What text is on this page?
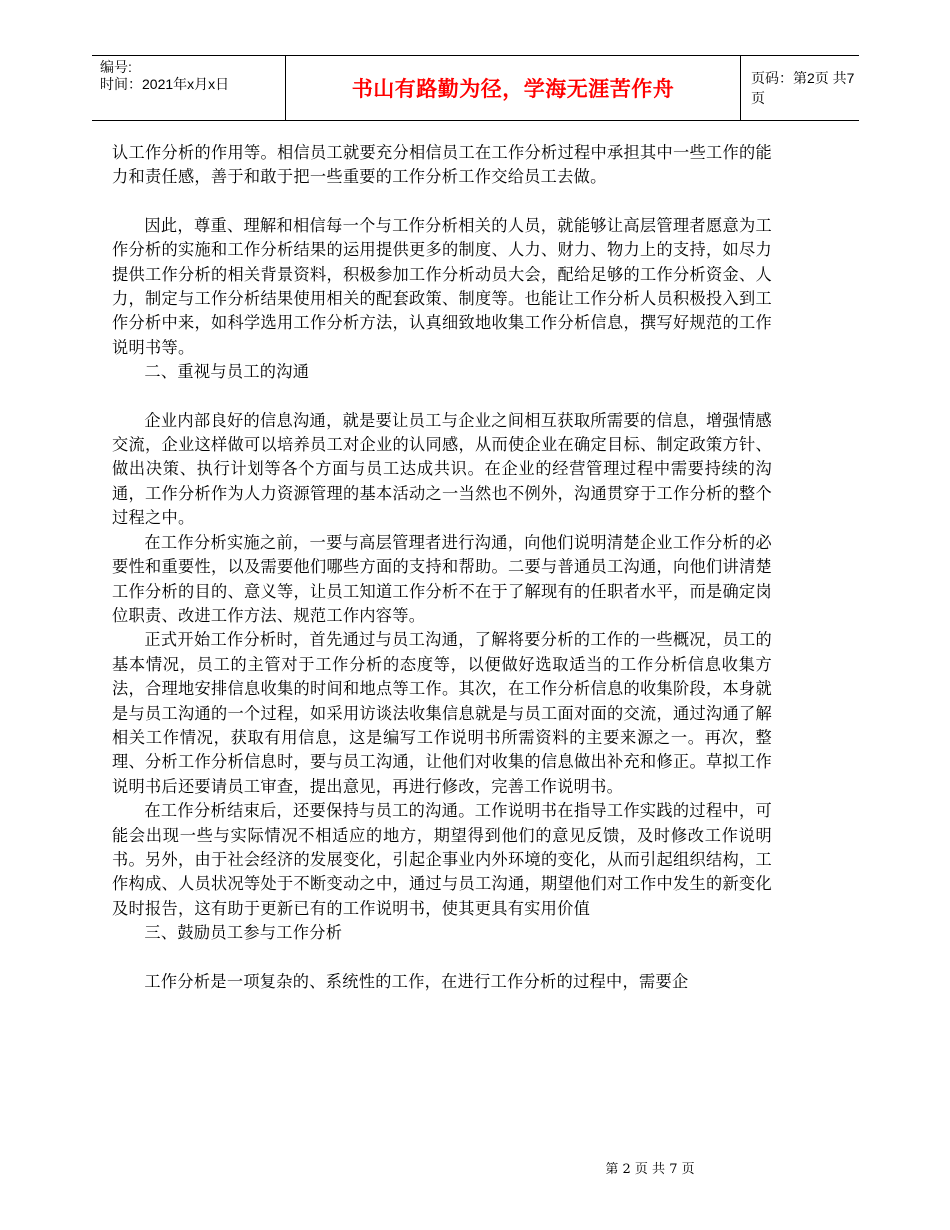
编号:
时间：2021年x月x日	书山有路勤为径，学海无涯苦作舟	页码：第2页 共7页

认工作分析的作用等。相信员工就要充分相信员工在工作分析过程中承担其中一些工作的能力和责任感，善于和敢于把一些重要的工作分析工作交给员工去做。

因此，尊重、理解和相信每一个与工作分析相关的人员，就能够让高层管理者愿意为工作分析的实施和工作分析结果的运用提供更多的制度、人力、财力、物力上的支持，如尽力提供工作分析的相关背景资料，积极参加工作分析动员大会，配给足够的工作分析资金、人力，制定与工作分析结果使用相关的配套政策、制度等。也能让工作分析人员积极投入到工作分析中来，如科学选用工作分析方法，认真细致地收集工作分析信息，撰写好规范的工作说明书等。

二、重视与员工的沟通

企业内部良好的信息沟通，就是要让员工与企业之间相互获取所需要的信息，增强情感交流，企业这样做可以培养员工对企业的认同感，从而使企业在确定目标、制定政策方针、做出决策、执行计划等各个方面与员工达成共识。在企业的经营管理过程中需要持续的沟通，工作分析作为人力资源管理的基本活动之一当然也不例外，沟通贯穿于工作分析的整个过程之中。

在工作分析实施之前，一要与高层管理者进行沟通，向他们说明清楚企业工作分析的必要性和重要性，以及需要他们哪些方面的支持和帮助。二要与普通员工沟通，向他们讲清楚工作分析的目的、意义等，让员工知道工作分析不在于了解现有的任职者水平，而是确定岗位职责、改进工作方法、规范工作内容等。

正式开始工作分析时，首先通过与员工沟通，了解将要分析的工作的一些概况，员工的基本情况，员工的主管对于工作分析的态度等，以便做好选取适当的工作分析信息收集方法，合理地安排信息收集的时间和地点等工作。其次，在工作分析信息的收集阶段，本身就是与员工沟通的一个过程，如采用访谈法收集信息就是与员工面对面的交流，通过沟通了解相关工作情况，获取有用信息，这是编写工作说明书所需资料的主要来源之一。再次，整理、分析工作分析信息时，要与员工沟通，让他们对收集的信息做出补充和修正。草拟工作说明书后还要请员工审查，提出意见，再进行修改，完善工作说明书。

在工作分析结束后，还要保持与员工的沟通。工作说明书在指导工作实践的过程中，可能会出现一些与实际情况不相适应的地方，期望得到他们的意见反馈，及时修改工作说明书。另外，由于社会经济的发展变化，引起企事业内外环境的变化，从而引起组织结构，工作构成、人员状况等处于不断变动之中，通过与员工沟通，期望他们对工作中发生的新变化及时报告，这有助于更新已有的工作说明书，使其更具有实用价值

三、鼓励员工参与工作分析

工作分析是一项复杂的、系统性的工作，在进行工作分析的过程中，需要企

第 2 页 共 7 页
